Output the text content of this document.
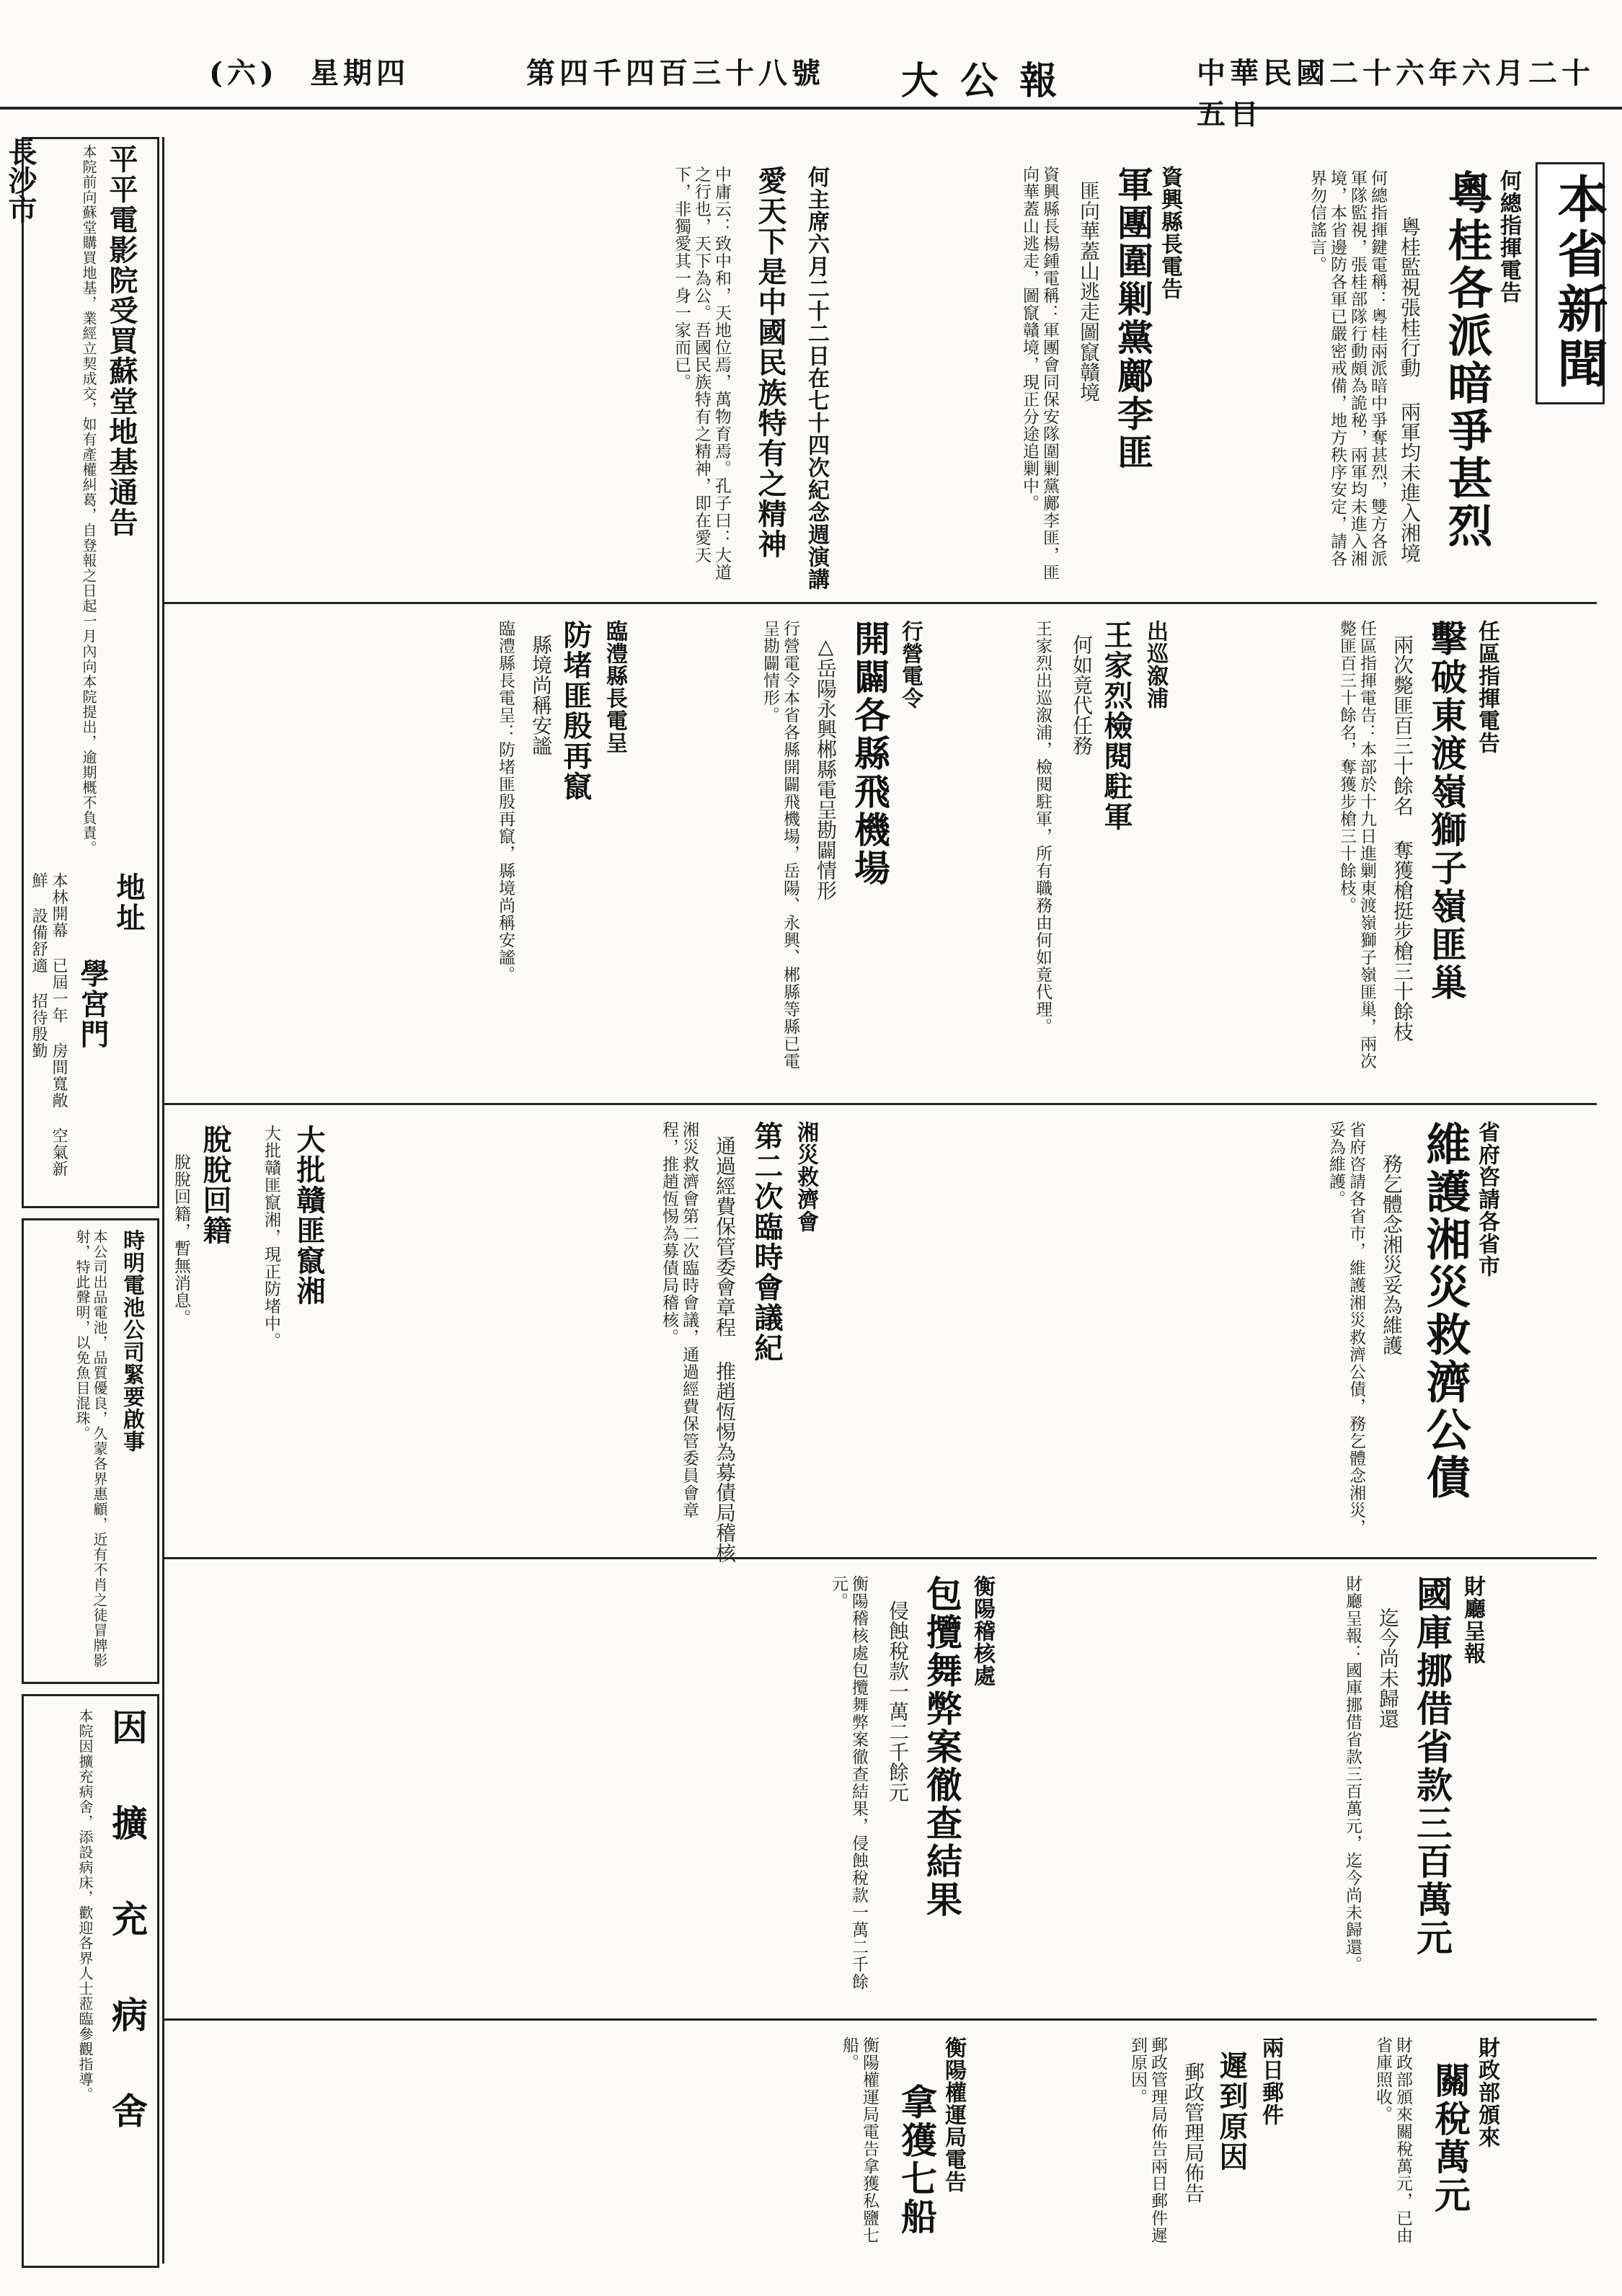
中華民國二十六年六月二十五日
大 公 報
第四千四百三十八號
星期四
(六)
本省新聞
何總指揮電告
粵桂各派暗爭甚烈
粵桂監視張桂行動 兩軍均未進入湘境
何總指揮鍵電稱：粵桂兩派暗中爭奪甚烈，雙方各派軍隊監視，張桂部隊行動頗為詭秘，兩軍均未進入湘境，本省邊防各軍已嚴密戒備，地方秩序安定，請各界勿信謠言。
資興縣長電告
軍團圍剿黨鄺李匪
匪向華蓋山逃走圖竄贛境
資興縣長楊鍾電稱：軍團會同保安隊圍剿黨鄺李匪，匪向華蓋山逃走，圖竄贛境，現正分途追剿中。
何主席六月二十二日在七十四次紀念週演講
愛天下是中國民族特有之精神
中庸云：致中和，天地位焉，萬物育焉。孔子曰：大道之行也，天下為公。吾國民族特有之精神，即在愛天下，非獨愛其一身一家而已。
任區指揮電告
擊破東渡嶺獅子嶺匪巢
兩次斃匪百三十餘名 奪獲槍挺步槍三十餘枝
任區指揮電告：本部於十九日進剿東渡嶺獅子嶺匪巢，兩次斃匪百三十餘名，奪獲步槍三十餘枝。
出巡溆浦
王家烈檢閱駐軍
何如竟代任務
王家烈出巡溆浦，檢閱駐軍，所有職務由何如竟代理。
行營電令
開闢各縣飛機場
△岳陽永興郴縣電呈勘闢情形
行營電令本省各縣開闢飛機場，岳陽、永興、郴縣等縣已電呈勘闢情形。
臨澧縣長電呈
防堵匪殷再竄
縣境尚稱安謐
臨澧縣長電呈：防堵匪殷再竄，縣境尚稱安謐。
省府咨請各省市
維護湘災救濟公債
務乞體念湘災妥為維護
省府咨請各省市，維護湘災救濟公債，務乞體念湘災，妥為維護。
湘災救濟會
第二次臨時會議紀
通過經費保管委會章程 推趙恆惕為募債局稽核
湘災救濟會第二次臨時會議，通過經費保管委員會章程，推趙恆惕為募債局稽核。
大批贛匪竄湘
大批贛匪竄湘，現正防堵中。
脫脫回籍
脫脫回籍，暫無消息。
財廳呈報
國庫挪借省款三百萬元
迄今尚未歸還
財廳呈報：國庫挪借省款三百萬元，迄今尚未歸還。
衡陽稽核處
包攬舞弊案徹查結果
侵蝕稅款一萬二千餘元
衡陽稽核處包攬舞弊案徹查結果，侵蝕稅款一萬二千餘元。
財政部頒來
關稅萬元
財政部頒來關稅萬元，已由省庫照收。
兩日郵件
遲到原因
郵政管理局佈告
郵政管理局佈告兩日郵件遲到原因。
衡陽權運局電告
拿獲七船
衡陽權運局電告拿獲私鹽七船。
平平電影院受買蘇堂地基通告
本院前向蘇堂購買地基，業經立契成交，如有產權糾葛，自登報之日起一月內向本院提出，逾期概不負責。
地址
學宮門
本林開幕 已屆一年 房間寬敞 空氣新鮮 設備舒適 招待殷勤
時明電池公司緊要啟事
本公司出品電池，品質優良，久蒙各界惠顧，近有不肖之徒冒牌影射，特此聲明，以免魚目混珠。
長沙市
因 擴 充 病 舍
本院因擴充病舍，添設病床，歡迎各界人士蒞臨參觀指導。
